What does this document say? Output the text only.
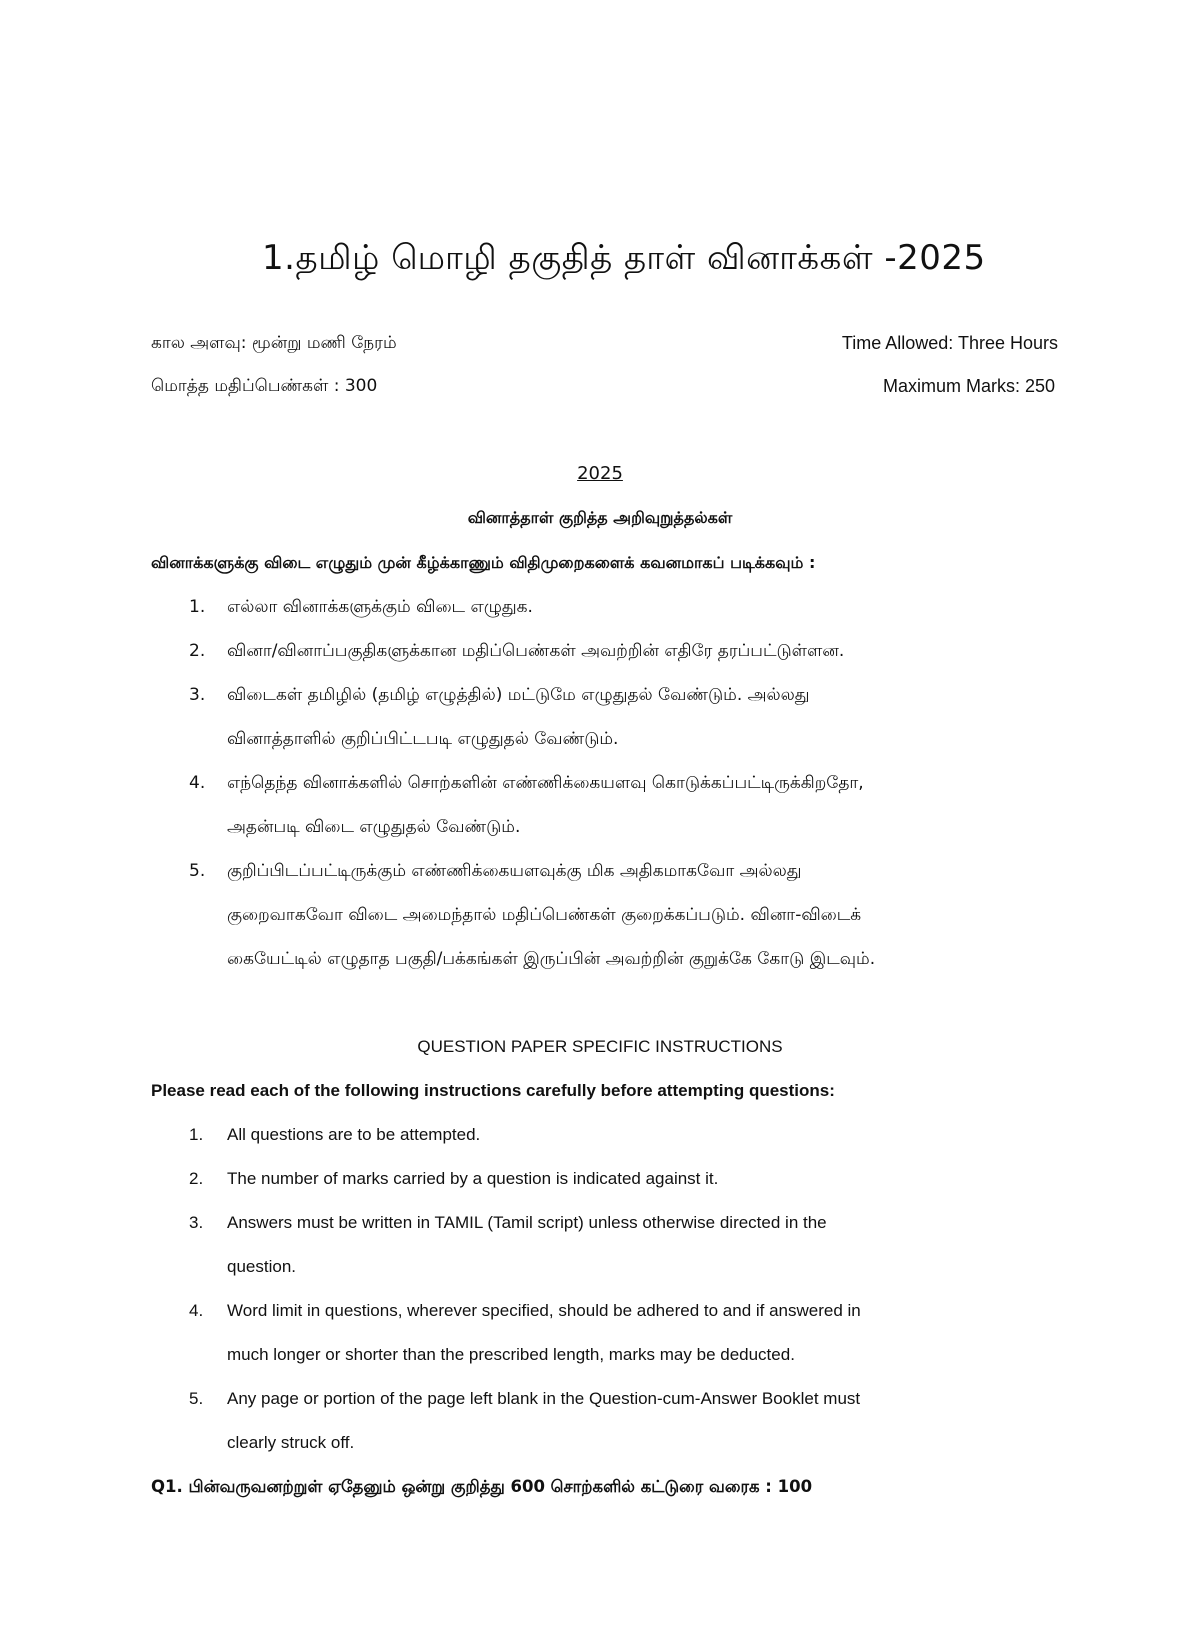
1.தமிழ் மொழி தகுதித் தாள் வினாக்கள் -2025
கால அளவு: மூன்று மணி நேரம்	Time Allowed: Three Hours
மொத்த மதிப்பெண்கள் : 300	Maximum Marks: 250
2025
வினாத்தாள் குறித்த அறிவுறுத்தல்கள்
வினாக்களுக்கு விடை எழுதும் முன் கீழ்க்காணும் விதிமுறைகளைக் கவனமாகப் படிக்கவும் :
1. எல்லா வினாக்களுக்கும் விடை எழுதுக.
2. வினா/வினாப்பகுதிகளுக்கான மதிப்பெண்கள் அவற்றின் எதிரே தரப்பட்டுள்ளன.
3. விடைகள் தமிழில் (தமிழ் எழுத்தில்) மட்டுமே எழுதுதல் வேண்டும். அல்லது
வினாத்தாளில் குறிப்பிட்டபடி எழுதுதல் வேண்டும்.
4. எந்தெந்த வினாக்களில் சொற்களின் எண்ணிக்கையளவு கொடுக்கப்பட்டிருக்கிறதோ,
அதன்படி விடை எழுதுதல் வேண்டும்.
5. குறிப்பிடப்பட்டிருக்கும் எண்ணிக்கையளவுக்கு மிக அதிகமாகவோ அல்லது
குறைவாகவோ விடை அமைந்தால் மதிப்பெண்கள் குறைக்கப்படும். வினா-விடைக்
கையேட்டில் எழுதாத பகுதி/பக்கங்கள் இருப்பின் அவற்றின் குறுக்கே கோடு இடவும்.
QUESTION PAPER SPECIFIC INSTRUCTIONS
Please read each of the following instructions carefully before attempting questions:
1. All questions are to be attempted.
2. The number of marks carried by a question is indicated against it.
3. Answers must be written in TAMIL (Tamil script) unless otherwise directed in the
question.
4. Word limit in questions, wherever specified, should be adhered to and if answered in
much longer or shorter than the prescribed length, marks may be deducted.
5. Any page or portion of the page left blank in the Question-cum-Answer Booklet must
clearly struck off.
Q1. பின்வருவனற்றுள் ஏதேனும் ஒன்று குறித்து 600 சொற்களில் கட்டுரை வரைக : 100
